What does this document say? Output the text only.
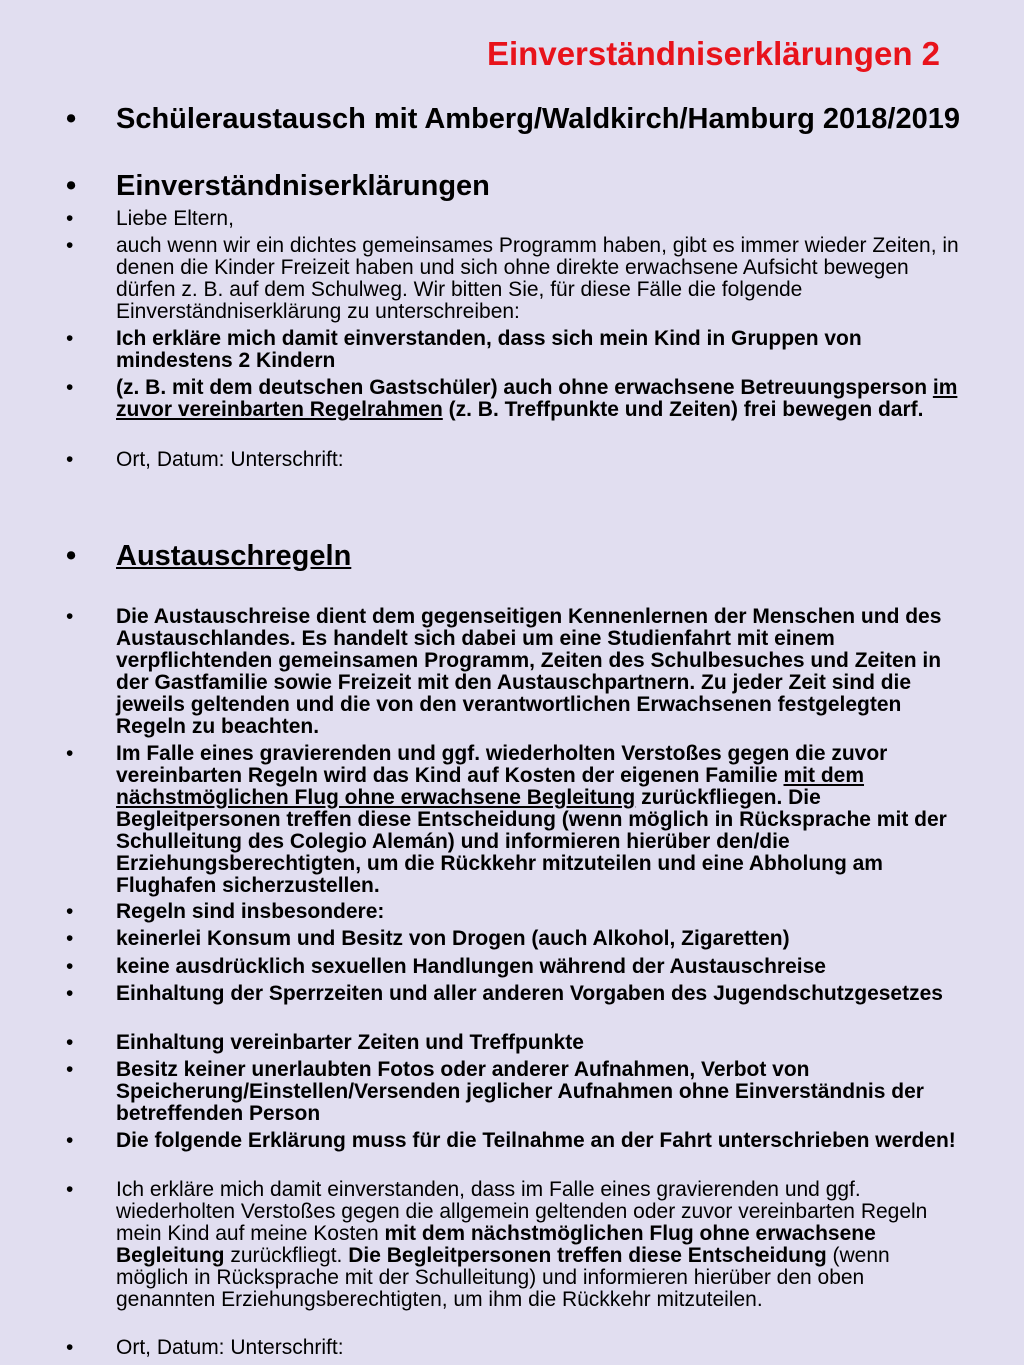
Einverständniserklärungen 2
• Schüleraustausch mit Amberg/Waldkirch/Hamburg 2018/2019
• Einverständniserklärungen
• Liebe Eltern,
• auch wenn wir ein dichtes gemeinsames Programm haben, gibt es immer wieder Zeiten, in denen die Kinder Freizeit haben und sich ohne direkte erwachsene Aufsicht bewegen dürfen z. B. auf dem Schulweg. Wir bitten Sie, für diese Fälle die folgende Einverständniserklärung zu unterschreiben:
• Ich erkläre mich damit einverstanden, dass sich mein Kind in Gruppen von mindestens 2 Kindern
• (z. B. mit dem deutschen Gastschüler) auch ohne erwachsene Betreuungsperson im zuvor vereinbarten Regelrahmen (z. B. Treffpunkte und Zeiten) frei bewegen darf.
• Ort, Datum: Unterschrift:
• Austauschregeln
• Die Austauschreise dient dem gegenseitigen Kennenlernen der Menschen und des Austauschlandes. Es handelt sich dabei um eine Studienfahrt mit einem verpflichtenden gemeinsamen Programm, Zeiten des Schulbesuches und Zeiten in der Gastfamilie sowie Freizeit mit den Austauschpartnern. Zu jeder Zeit sind die jeweils geltenden und die von den verantwortlichen Erwachsenen festgelegten Regeln zu beachten.
• Im Falle eines gravierenden und ggf. wiederholten Verstoßes gegen die zuvor vereinbarten Regeln wird das Kind auf Kosten der eigenen Familie mit dem nächstmöglichen Flug ohne erwachsene Begleitung zurückfliegen. Die Begleitpersonen treffen diese Entscheidung (wenn möglich in Rücksprache mit der Schulleitung des Colegio Alemán) und informieren hierüber den/die Erziehungsberechtigten, um die Rückkehr mitzuteilen und eine Abholung am Flughafen sicherzustellen.
• Regeln sind insbesondere:
• keinerlei Konsum und Besitz von Drogen (auch Alkohol, Zigaretten)
• keine ausdrücklich sexuellen Handlungen während der Austauschreise
• Einhaltung der Sperrzeiten und aller anderen Vorgaben des Jugendschutzgesetzes
• Einhaltung vereinbarter Zeiten und Treffpunkte
• Besitz keiner unerlaubten Fotos oder anderer Aufnahmen, Verbot von Speicherung/Einstellen/Versenden jeglicher Aufnahmen ohne Einverständnis der betreffenden Person
• Die folgende Erklärung muss für die Teilnahme an der Fahrt unterschrieben werden!
• Ich erkläre mich damit einverstanden, dass im Falle eines gravierenden und ggf. wiederholten Verstoßes gegen die allgemein geltenden oder zuvor vereinbarten Regeln mein Kind auf meine Kosten mit dem nächstmöglichen Flug ohne erwachsene Begleitung zurückfliegt. Die Begleitpersonen treffen diese Entscheidung (wenn möglich in Rücksprache mit der Schulleitung) und informieren hierüber den oben genannten Erziehungsberechtigten, um ihm die Rückkehr mitzuteilen.
• Ort, Datum: Unterschrift:
